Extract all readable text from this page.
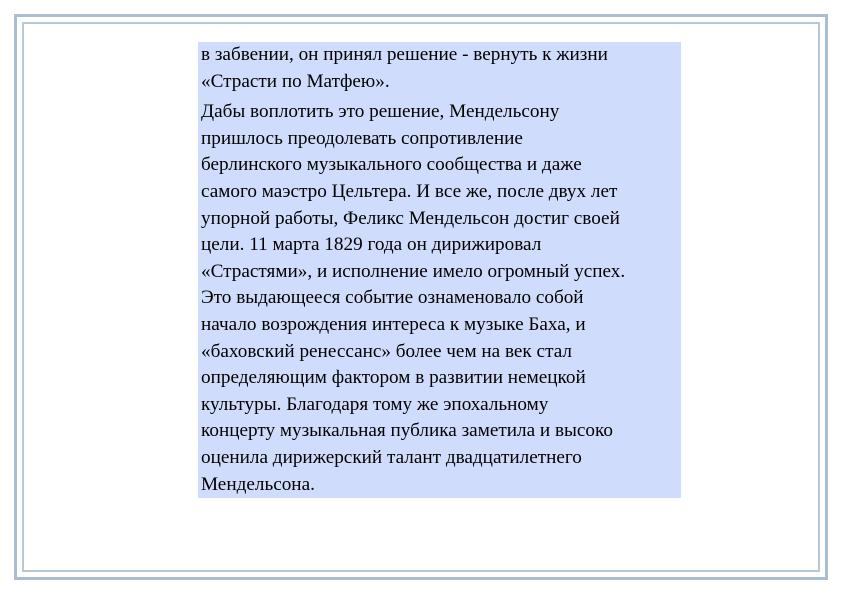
в забвении, он принял решение - вернуть к жизни
«Страсти по Матфею».

Дабы воплотить это решение, Мендельсону
пришлось преодолевать сопротивление
берлинского музыкального сообщества и даже
самого маэстро Цельтера. И все же, после двух лет
упорной работы, Феликс Мендельсон достиг своей
цели. 11 марта 1829 года он дирижировал
«Страстями», и исполнение имело огромный успех.
Это выдающееся событие ознаменовало собой
начало возрождения интереса к музыке Баха, и
«баховский ренессанс» более чем на век стал
определяющим фактором в развитии немецкой
культуры. Благодаря тому же эпохальному
концерту музыкальная публика заметила и высоко
оценила дирижерский талант двадцатилетнего
Мендельсона.
